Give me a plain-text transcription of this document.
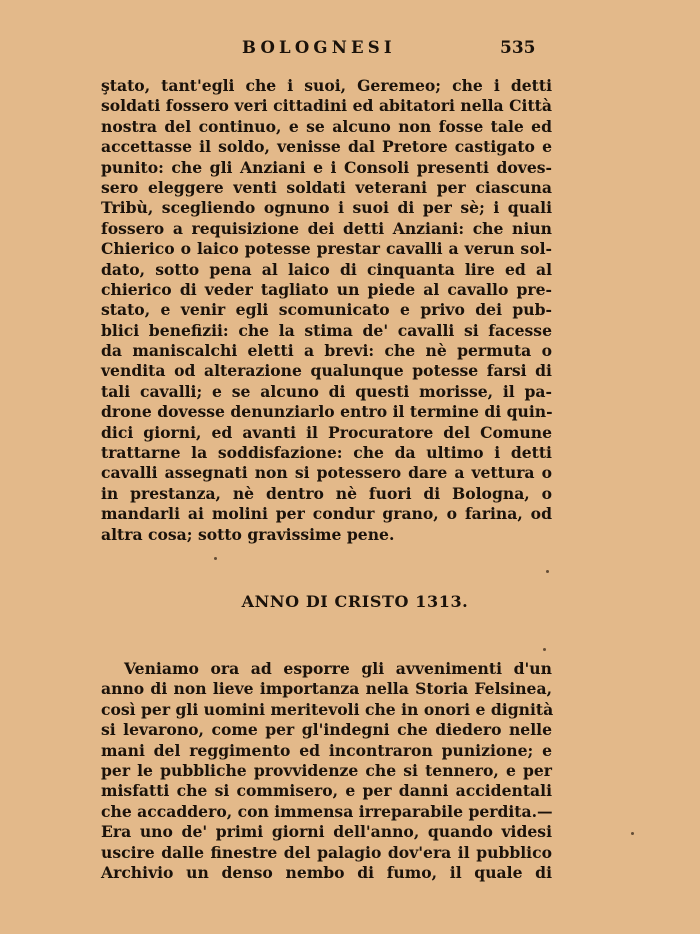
BOLOGNESI	535
ştato, tant'egli che i suoi, Geremeo; che i detti
soldati fossero veri cittadini ed abitatori nella Città
nostra del continuo, e se alcuno non fosse tale ed
accettasse il soldo, venisse dal Pretore castigato e
punito: che gli Anziani e i Consoli presenti doves-
sero eleggere venti soldati veterani per ciascuna
Tribù, scegliendo ognuno i suoi di per sè; i quali
fossero a requisizione dei detti Anziani: che niun
Chierico o laico potesse prestar cavalli a verun sol-
dato, sotto pena al laico di cinquanta lire ed al
chierico di veder tagliato un piede al cavallo pre-
stato, e venir egli scomunicato e privo dei pub-
blici benefizii: che la stima de' cavalli si facesse
da maniscalchi eletti a brevi: che nè permuta o
vendita od alterazione qualunque potesse farsi di
tali cavalli; e se alcuno di questi morisse, il pa-
drone dovesse denunziarlo entro il termine di quin-
dici giorni, ed avanti il Procuratore del Comune
trattarne la soddisfazione: che da ultimo i detti
cavalli assegnati non si potessero dare a vettura o
in prestanza, nè dentro nè fuori di Bologna, o
mandarli ai molini per condur grano, o farina, od
altra cosa; sotto gravissime pene.
ANNO DI CRISTO 1313.
Veniamo ora ad esporre gli avvenimenti d'un
anno di non lieve importanza nella Storia Felsinea,
così per gli uomini meritevoli che in onori e dignità
si levarono, come per gl'indegni che diedero nelle
mani del reggimento ed incontraron punizione; e
per le pubbliche provvidenze che si tennero, e per
misfatti che si commisero, e per danni accidentali
che accaddero, con immensa irreparabile perdita.—
Era uno de' primi giorni dell'anno, quando videsi
uscire dalle finestre del palagio dov'era il pubblico
Archivio un denso nembo di fumo, il quale di
